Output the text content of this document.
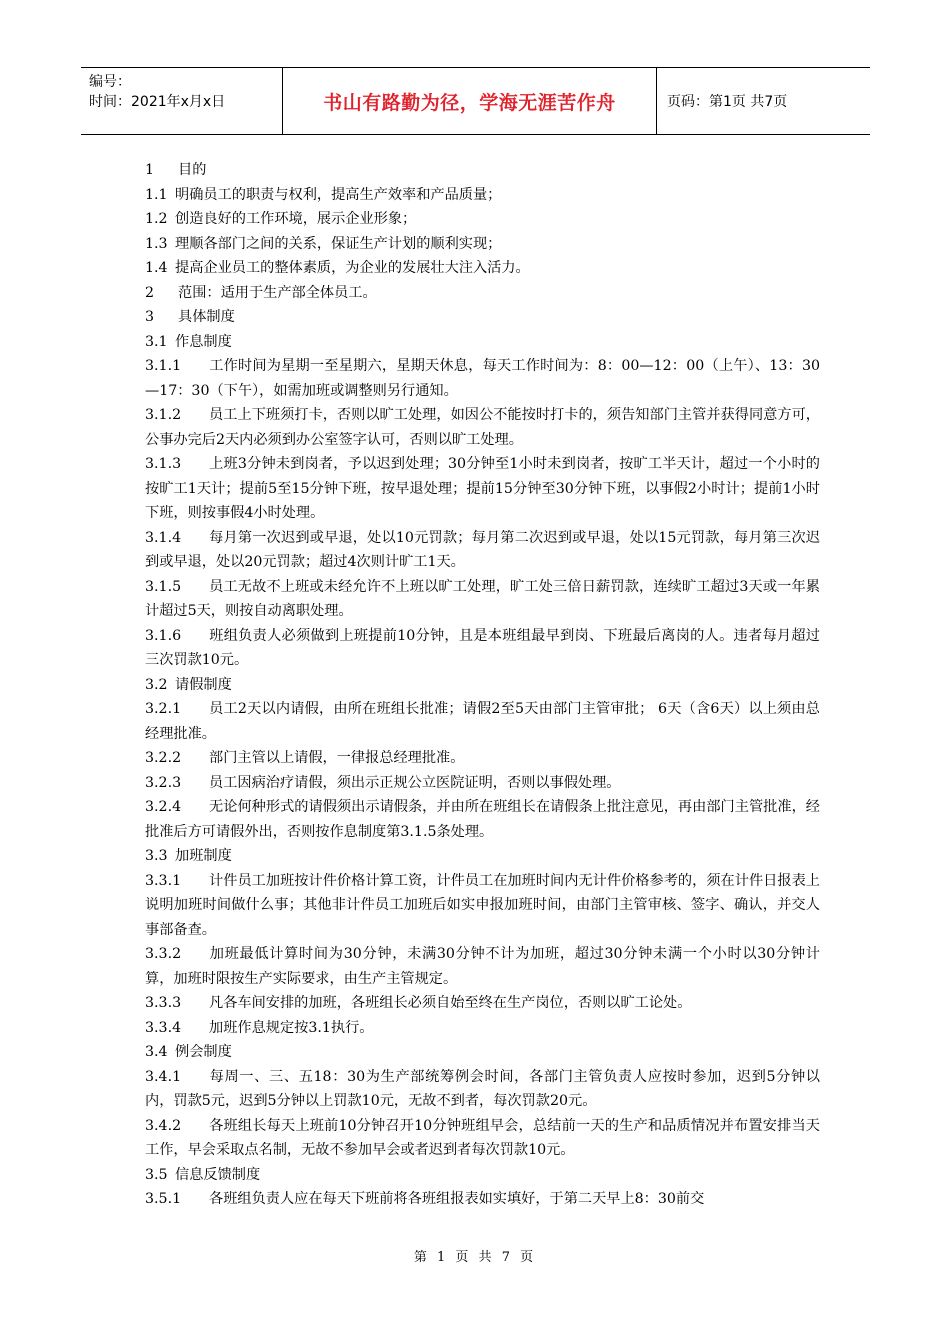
编号：
时间：2021年x月x日	书山有路勤为径，学海无涯苦作舟	页码：第1页 共7页
1 目的
1.1 明确员工的职责与权利，提高生产效率和产品质量；
1.2 创造良好的工作环境，展示企业形象；
1.3 理顺各部门之间的关系，保证生产计划的顺利实现；
1.4 提高企业员工的整体素质，为企业的发展壮大注入活力。
2 范围：适用于生产部全体员工。
3 具体制度
3.1 作息制度
3.1.1 工作时间为星期一至星期六，星期天休息，每天工作时间为：8：00—12：00（上午）、13：30—17：30（下午），如需加班或调整则另行通知。
3.1.2 员工上下班须打卡，否则以旷工处理，如因公不能按时打卡的，须告知部门主管并获得同意方可，公事办完后2天内必须到办公室签字认可，否则以旷工处理。
3.1.3 上班3分钟未到岗者，予以迟到处理；30分钟至1小时未到岗者，按旷工半天计，超过一个小时的按旷工1天计；提前5至15分钟下班，按早退处理；提前15分钟至30分钟下班，以事假2小时计；提前1小时下班，则按事假4小时处理。
3.1.4 每月第一次迟到或早退，处以10元罚款；每月第二次迟到或早退，处以15元罚款，每月第三次迟到或早退，处以20元罚款；超过4次则计旷工1天。
3.1.5 员工无故不上班或未经允许不上班以旷工处理，旷工处三倍日薪罚款，连续旷工超过3天或一年累计超过5天，则按自动离职处理。
3.1.6 班组负责人必须做到上班提前10分钟，且是本班组最早到岗、下班最后离岗的人。违者每月超过三次罚款10元。
3.2 请假制度
3.2.1 员工2天以内请假，由所在班组长批准；请假2至5天由部门主管审批； 6天（含6天）以上须由总经理批准。
3.2.2 部门主管以上请假，一律报总经理批准。
3.2.3 员工因病治疗请假，须出示正规公立医院证明，否则以事假处理。
3.2.4 无论何种形式的请假须出示请假条，并由所在班组长在请假条上批注意见，再由部门主管批准，经批准后方可请假外出，否则按作息制度第3.1.5条处理。
3.3 加班制度
3.3.1 计件员工加班按计件价格计算工资，计件员工在加班时间内无计件价格参考的，须在计件日报表上说明加班时间做什么事；其他非计件员工加班后如实申报加班时间，由部门主管审核、签字、确认，并交人事部备查。
3.3.2 加班最低计算时间为30分钟，未满30分钟不计为加班，超过30分钟未满一个小时以30分钟计算，加班时限按生产实际要求，由生产主管规定。
3.3.3 凡各车间安排的加班，各班组长必须自始至终在生产岗位，否则以旷工论处。
3.3.4 加班作息规定按3.1执行。
3.4 例会制度
3.4.1 每周一、三、五18：30为生产部统筹例会时间，各部门主管负责人应按时参加，迟到5分钟以内，罚款5元，迟到5分钟以上罚款10元，无故不到者，每次罚款20元。
3.4.2 各班组长每天上班前10分钟召开10分钟班组早会，总结前一天的生产和品质情况并布置安排当天工作，早会采取点名制，无故不参加早会或者迟到者每次罚款10元。
3.5 信息反馈制度
3.5.1 各班组负责人应在每天下班前将各班组报表如实填好，于第二天早上8：30前交
第 1 页 共 7 页
